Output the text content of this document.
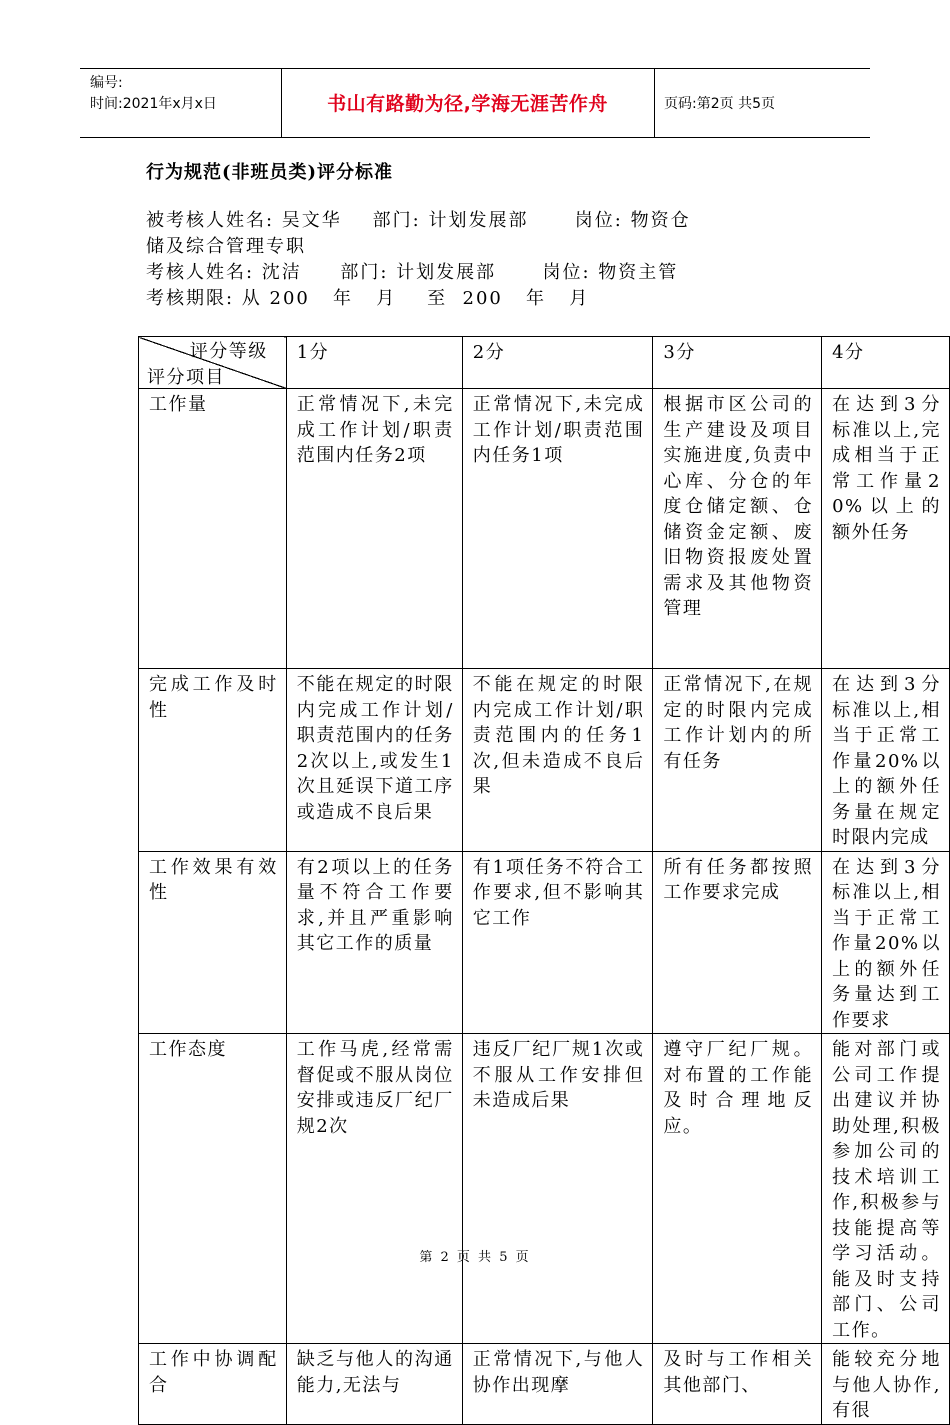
编号:
时间:2021年x月x日	书山有路勤为径,学海无涯苦作舟	页码:第2页 共5页
行为规范(非班员类)评分标准
被考核人姓名: 吴文华    部门: 计划发展部      岗位: 物资仓
储及综合管理专职
考核人姓名: 沈洁     部门: 计划发展部      岗位: 物资主管
考核期限: 从 200   年   月    至  200   年   月
评分等级
评分项目	1分	2分	3分	4分
工作量	正常情况下,未完成工作计划/职责范围内任务2项	正常情况下,未完成工作计划/职责范围内任务1项	根据市区公司的生产建设及项目实施进度,负责中心库、分仓的年度仓储定额、仓储资金定额、废旧物资报废处置需求及其他物资管理	在达到3分标准以上,完成相当于正常工作量20%以上的额外任务
完成工作及时性	不能在规定的时限内完成工作计划/职责范围内的任务2次以上,或发生1次且延误下道工序或造成不良后果	不能在规定的时限内完成工作计划/职责范围内的任务1次,但未造成不良后果	正常情况下,在规定的时限内完成工作计划内的所有任务	在达到3分标准以上,相当于正常工作量20%以上的额外任务量在规定时限内完成
工作效果有效性	有2项以上的任务量不符合工作要求,并且严重影响其它工作的质量	有1项任务不符合工作要求,但不影响其它工作	所有任务都按照工作要求完成	在达到3分标准以上,相当于正常工作量20%以上的额外任务量达到工作要求
工作态度	工作马虎,经常需督促或不服从岗位安排或违反厂纪厂规2次	违反厂纪厂规1次或不服从工作安排但未造成后果	遵守厂纪厂规。对布置的工作能及时合理地反应。	能对部门或公司工作提出建议并协助处理,积极参加公司的技术培训工作,积极参与技能提高等学习活动。能及时支持部门、公司工作。
工作中协调配合	缺乏与他人的沟通能力,无法与	正常情况下,与他人协作出现摩	及时与工作相关其他部门、	能较充分地与他人协作,有很
第 2 页 共 5 页
